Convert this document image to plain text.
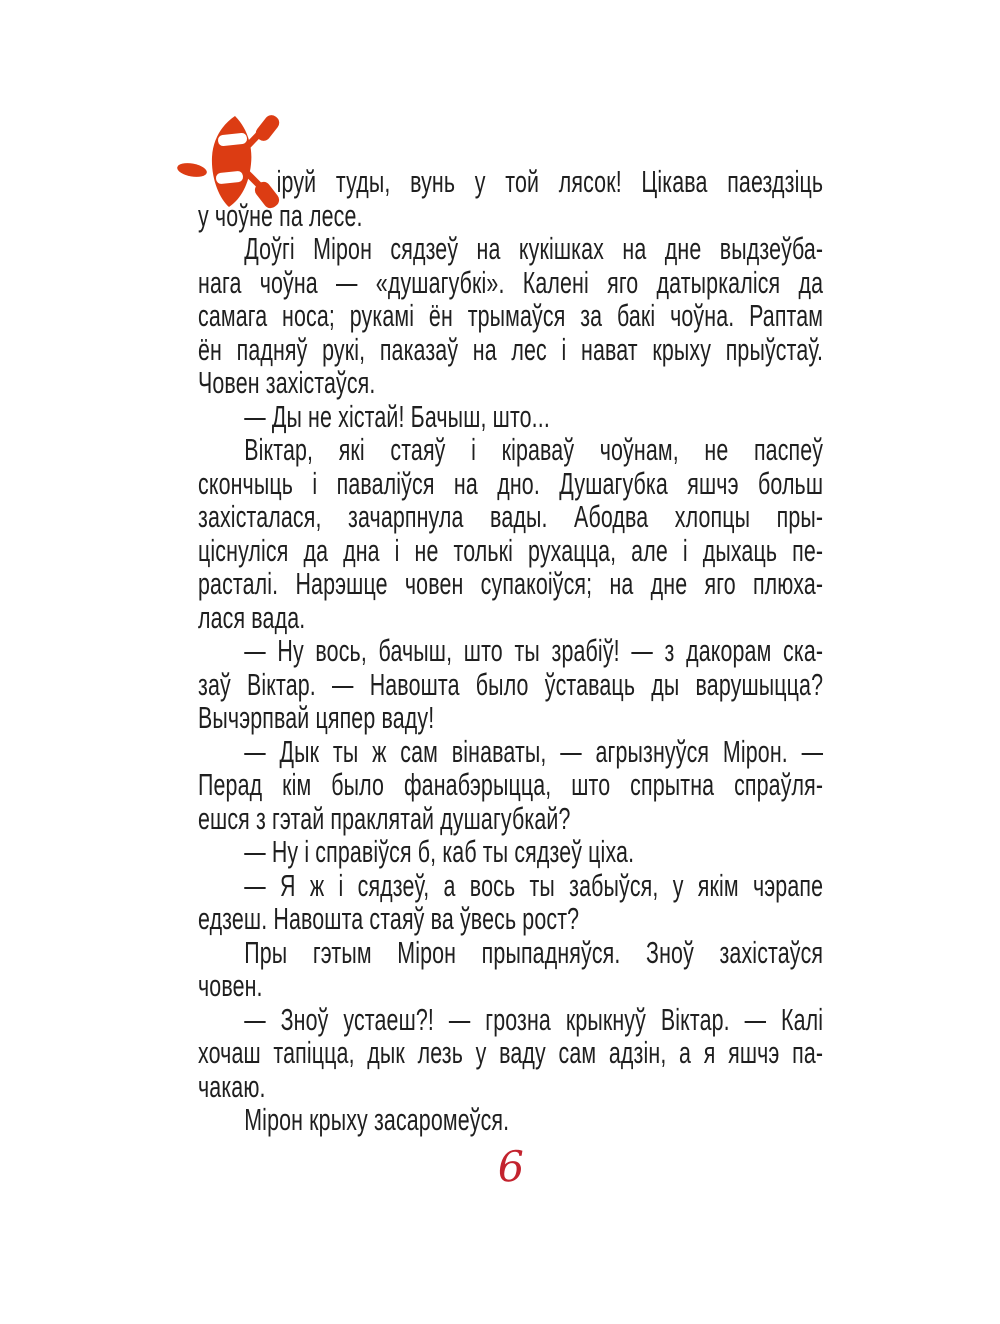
іруй туды, вунь у той лясок! Цікава паездзіць
у чоўне па лесе.
Доўгі Мірон сядзеў на кукішках на дне выдзеўба-
нага чоўна — «душагубкі». Калені яго датыркаліся да
самага носа; рукамі ён трымаўся за бакі чоўна. Раптам
ён падняў рукі, паказаў на лес і нават крыху прыўстаў.
Човен захістаўся.
— Ды не хістай! Бачыш, што...
Віктар, які стаяў і кіраваў чоўнам, не паспеў
скончыць і паваліўся на дно. Душагубка яшчэ больш
захісталася, зачарпнула вады. Абодва хлопцы пры-
ціснуліся да дна і не толькі рухацца, але і дыхаць пе-
расталі. Нарэшце човен супакоіўся; на дне яго плюха-
лася вада.
— Ну вось, бачыш, што ты зрабіў! — з дакорам ска-
заў Віктар. — Навошта было ўставаць ды варушыцца?
Вычэрпвай цяпер ваду!
— Дык ты ж сам вінаваты, — агрызнуўся Мірон. —
Перад кім было фанабэрыцца, што спрытна спраўля-
ешся з гэтай праклятай душагубкай?
— Ну і справіўся б, каб ты сядзеў ціха.
— Я ж і сядзеў, а вось ты забыўся, у якім чэрапе
едзеш. Навошта стаяў ва ўвесь рост?
Пры гэтым Мірон прыпадняўся. Зноў захістаўся
човен.
— Зноў устаеш?! — грозна крыкнуў Віктар. — Калі
хочаш тапіцца, дык лезь у ваду сам адзін, а я яшчэ па-
чакаю.
Мірон крыху засаромеўся.
6
